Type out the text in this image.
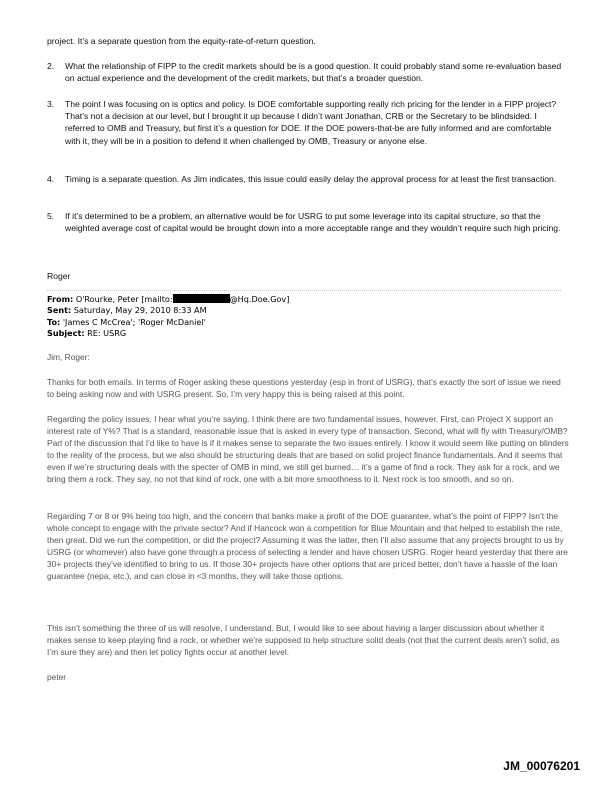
project. It’s a separate question from the equity-rate-of-return question.
2. What the relationship of FIPP to the credit markets should be is a good question. It could probably stand some re-evaluation based on actual experience and the development of the credit markets, but that’s a broader question.
3. The point I was focusing on is optics and policy. Is DOE comfortable supporting really rich pricing for the lender in a FIPP project? That’s not a decision at our level, but I brought it up because I didn’t want Jonathan, CRB or the Secretary to be blindsided. I referred to OMB and Treasury, but first it’s a question for DOE. If the DOE powers-that-be are fully informed and are comfortable with it, they will be in a position to defend it when challenged by OMB, Treasury or anyone else.
4. Timing is a separate question. As Jim indicates, this issue could easily delay the approval process for at least the first transaction.
5. If it’s determined to be a problem, an alternative would be for USRG to put some leverage into its capital structure, so that the weighted average cost of capital would be brought down into a more acceptable range and they wouldn’t require such high pricing.
Roger
From: O'Rourke, Peter [mailto:	@Hq.Doe.Gov]
Sent: Saturday, May 29, 2010 8:33 AM
To: 'James C McCrea'; 'Roger McDaniel'
Subject: RE: USRG
Jim, Roger:
Thanks for both emails. In terms of Roger asking these questions yesterday (esp in front of USRG), that’s exactly the sort of issue we need to being asking now and with USRG present. So, I’m very happy this is being raised at this point.
Regarding the policy issues, I hear what you’re saying. I think there are two fundamental issues, however. First, can Project X support an interest rate of Y%? That is a standard, reasonable issue that is asked in every type of transaction. Second, what will fly with Treasury/OMB? Part of the discussion that I’d like to have is if it makes sense to separate the two issues entirely. I know it would seem like putting on blinders to the reality of the process, but we also should be structuring deals that are based on solid project finance fundamentals. And it seems that even if we’re structuring deals with the specter of OMB in mind, we still get burned… it’s a game of find a rock. They ask for a rock, and we bring them a rock. They say, no not that kind of rock, one with a bit more smoothness to it. Next rock is too smooth, and so on.
Regarding 7 or 8 or 9% being too high, and the concern that banks make a profit of the DOE guarantee, what’s the point of FIPP? Isn’t the whole concept to engage with the private sector? And if Hancock won a competition for Blue Mountain and that helped to establish the rate, then great. Did we run the competition, or did the project? Assuming it was the latter, then I’ll also assume that any projects brought to us by USRG (or whomever) also have gone through a process of selecting a lender and have chosen USRG. Roger heard yesterday that there are 30+ projects they’ve identified to bring to us. If those 30+ projects have other options that are priced better, don’t have a hassle of the loan guarantee (nepa, etc.), and can close in <3 months, they will take those options.
This isn’t something the three of us will resolve, I understand. But, I would like to see about having a larger discussion about whether it makes sense to keep playing find a rock, or whether we’re supposed to help structure solid deals (not that the current deals aren’t solid, as I’m sure they are) and then let policy fights occur at another level.
peter
JM_00076201
